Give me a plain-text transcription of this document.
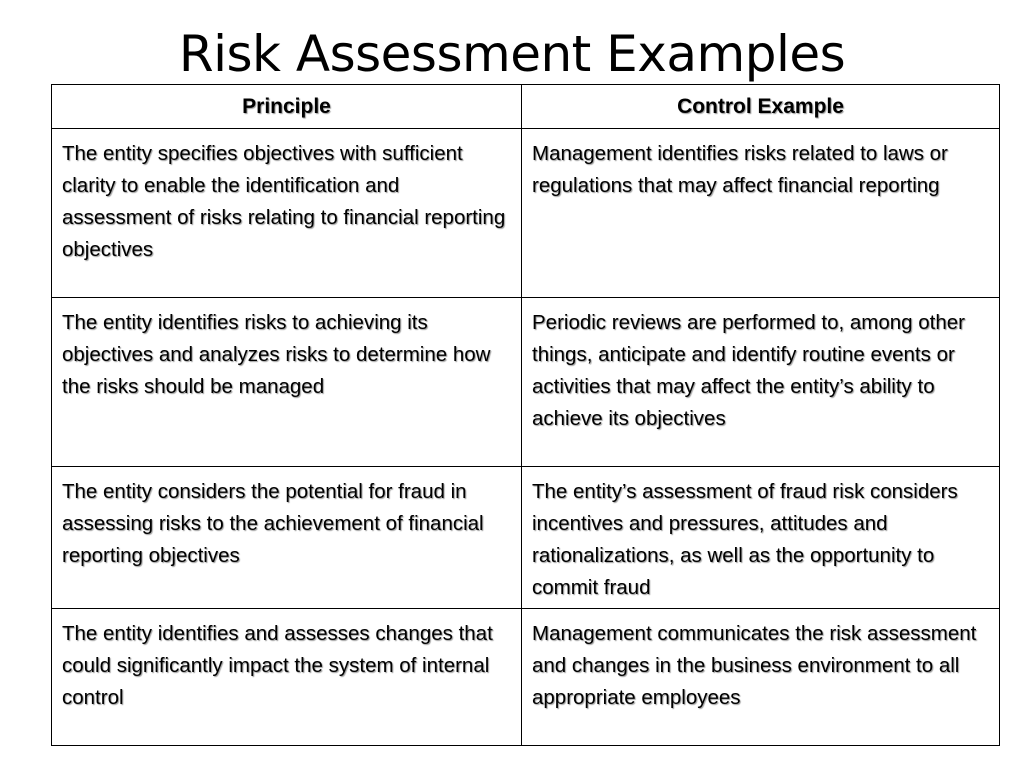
Risk Assessment Examples
Principle	Control Example
The entity specifies objectives with sufficient clarity to enable the identification and assessment of risks relating to financial reporting objectives	Management identifies risks related to laws or regulations that may affect financial reporting
The entity identifies risks to achieving its objectives and analyzes risks to determine how the risks should be managed	Periodic reviews are performed to, among other things, anticipate and identify routine events or activities that may affect the entity’s ability to achieve its objectives
The entity considers the potential for fraud in assessing risks to the achievement of financial reporting objectives	The entity’s assessment of fraud risk considers incentives and pressures, attitudes and rationalizations, as well as the opportunity to commit fraud
The entity identifies and assesses changes that could significantly impact the system of internal control	Management communicates the risk assessment and changes in the business environment to all appropriate employees
